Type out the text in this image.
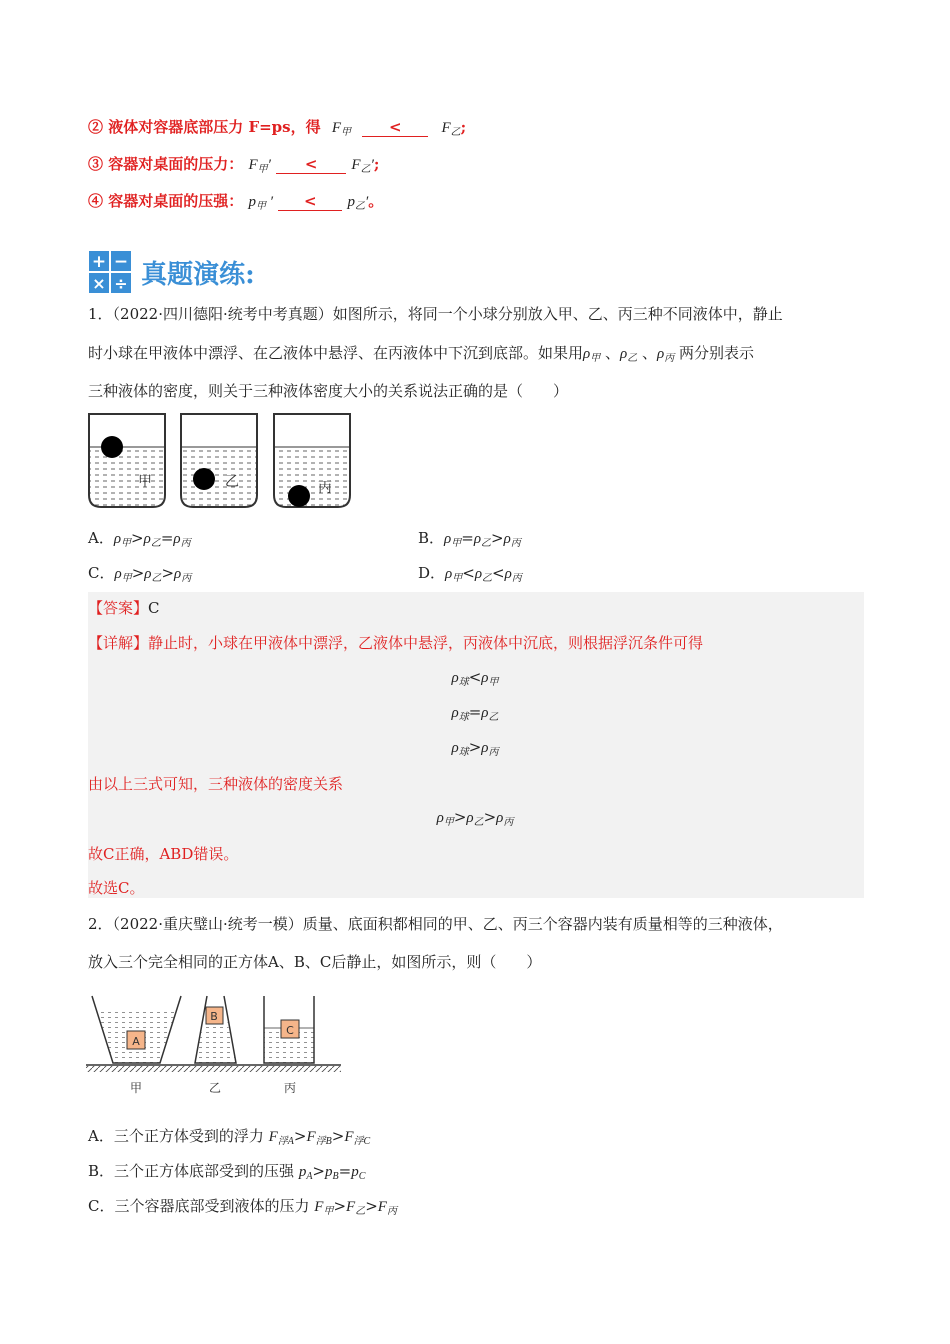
② 液体对容器底部压力 F=ps，得 $F_甲$	<	$F_乙$;
③ 容器对桌面的压力： $F_甲' < F_乙'$;
④ 容器对桌面的压强： $p_甲$ ′ < $p_乙'$。
+ −
× ÷ 真题演练:
1．（2022·四川德阳·统考中考真题）如图所示，将同一个小球分别放入甲、乙、丙三种不同液体中，静止
时小球在甲液体中漂浮、在乙液体中悬浮、在丙液体中下沉到底部。如果用$\rho_甲$ 、$\rho_乙$ 、$\rho_丙$ 两分别表示
三种液体的密度，则关于三种液体密度大小的关系说法正确的是（　　）
甲	乙	丙
A．$\rho_甲>\rho_乙=\rho_丙$	B．$\rho_甲=\rho_乙>\rho_丙$
C．$\rho_甲>\rho_乙>\rho_丙$	D．$\rho_甲<\rho_乙<\rho_丙$
【答案】C
【详解】静止时，小球在甲液体中漂浮，乙液体中悬浮，丙液体中沉底，则根据浮沉条件可得
$\rho_球<\rho_甲$
$\rho_球=\rho_乙$
$\rho_球>\rho_丙$
由以上三式可知，三种液体的密度关系
$\rho_甲>\rho_乙>\rho_丙$
故C正确，ABD错误。
故选C。
2．（2022·重庆璧山·统考一模）质量、底面积都相同的甲、乙、丙三个容器内装有质量相等的三种液体，
放入三个完全相同的正方体A、B、C后静止，如图所示，则（　　）
A
B
C
甲	乙	丙
A．三个正方体受到的浮力 $F_{浮A}>F_{浮B}>F_{浮C}$
B．三个正方体底部受到的压强 $p_A>p_B=p_C$
C．三个容器底部受到液体的压力 $F_甲>F_乙>F_丙$
